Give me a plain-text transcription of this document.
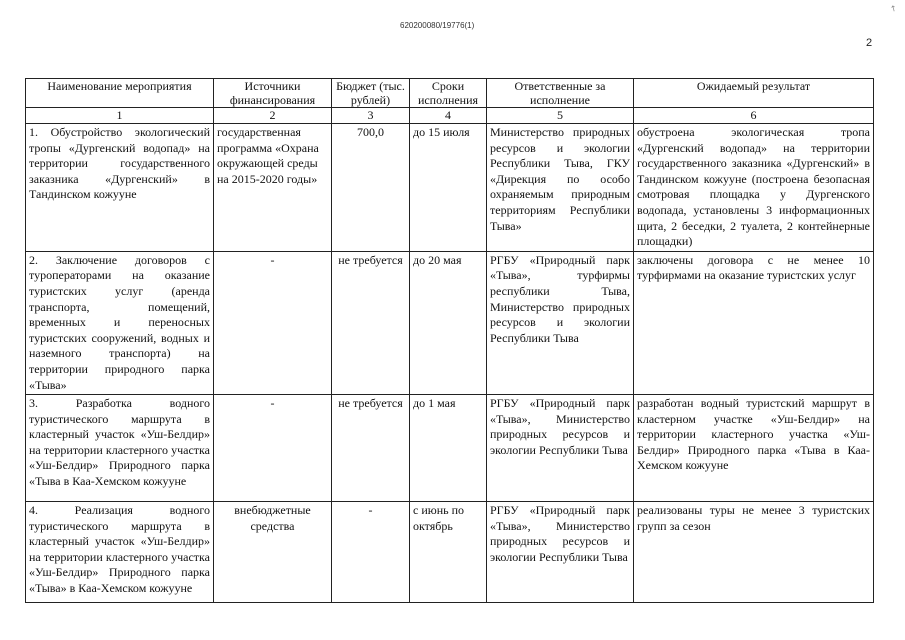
620200080/19776(1)
2
↗
Наименование мероприятия	Источники финансирования	Бюджет (тыс. рублей)	Сроки исполнения	Ответственные за исполнение	Ожидаемый результат
1	2	3	4	5	6
1. Обустройство экологический тропы «Дургенский водопад» на территории государственного заказника «Дургенский» в Тандинском кожууне	государственная программа «Охрана окружающей среды на 2015-2020 годы»	700,0	до 15 июля	Министерство природных ресурсов и экологии Республики Тыва, ГКУ «Дирекция по особо охраняемым природным территориям Республики Тыва»	обустроена экологическая тропа «Дургенский водопад» на территории государственного заказника «Дургенский» в Тандинском кожууне (построена безопасная смотровая площадка у Дургенского водопада, установлены 3 информационных щита, 2 беседки, 2 туалета, 2 контейнерные площадки)
2. Заключение договоров с туроператорами на оказание туристских услуг (аренда транспорта, помещений, временных и переносных туристских сооружений, водных и наземного транспорта) на территории природного парка «Тыва»	-	не требуется	до 20 мая	РГБУ «Природный парк «Тыва», турфирмы республики Тыва, Министерство природных ресурсов и экологии Республики Тыва	заключены договора с не менее 10 турфирмами на оказание туристских услуг
3. Разработка водного туристического маршрута в кластерный участок «Уш-Белдир» на территории кластерного участка «Уш-Белдир» Природного парка «Тыва в Каа-Хемском кожууне	-	не требуется	до 1 мая	РГБУ «Природный парк «Тыва», Министерство природных ресурсов и экологии Республики Тыва	разработан водный туристский маршрут в кластерном участке «Уш-Белдир» на территории кластерного участка «Уш-Белдир» Природного парка «Тыва в Каа-Хемском кожууне
4. Реализация водного туристического маршрута в кластерный участок «Уш-Белдир» на территории кластерного участка «Уш-Белдир» Природного парка «Тыва» в Каа-Хемском кожууне	внебюджетные средства	-	с июнь по октябрь	РГБУ «Природный парк «Тыва», Министерство природных ресурсов и экологии Республики Тыва	реализованы туры не менее 3 туристских групп за сезон
